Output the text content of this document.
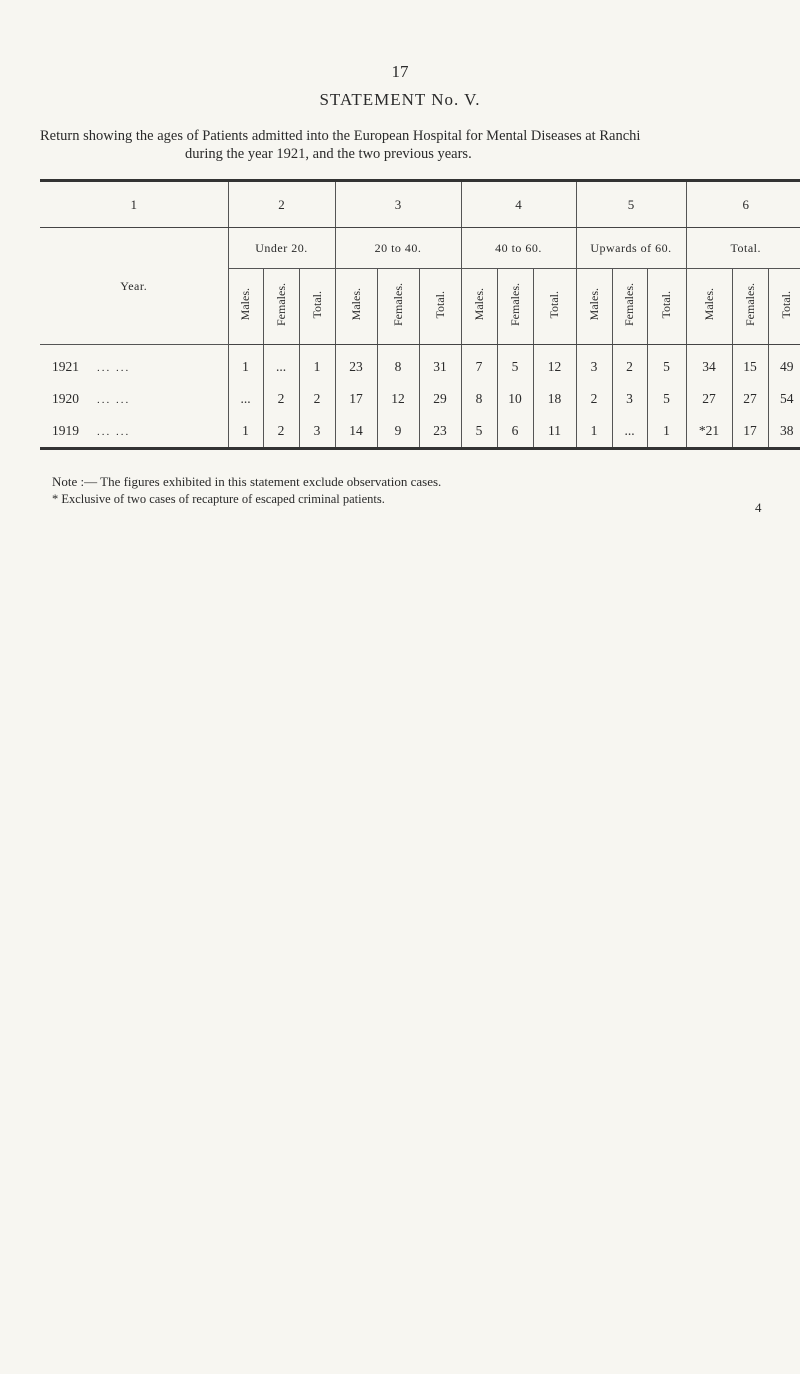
17
STATEMENT No. V.
Return showing the ages of Patients admitted into the European Hospital for Mental Diseases at Ranchi
during the year 1921, and the two previous years.
1	2			3			4			5			6		
Year.	Under 20.			20 to 40.			40 to 60.			Upwards of 60.			Total.		
	Males.	Females.	Total.	Males.	Females.	Total.	Males.	Females.	Total.	Males.	Females.	Total.	Males.	Females.	Total.
1921 ... ...	1	...	1	23	8	31	7	5	12	3	2	5	34	15	49
1920 ... ...	...	2	2	17	12	29	8	10	18	2	3	5	27	27	54
1919 ... ...	1	2	3	14	9	23	5	6	11	1	...	1	*21	17	38
Note :— The figures exhibited in this statement exclude observation cases.
* Exclusive of two cases of recapture of escaped criminal patients.
4
